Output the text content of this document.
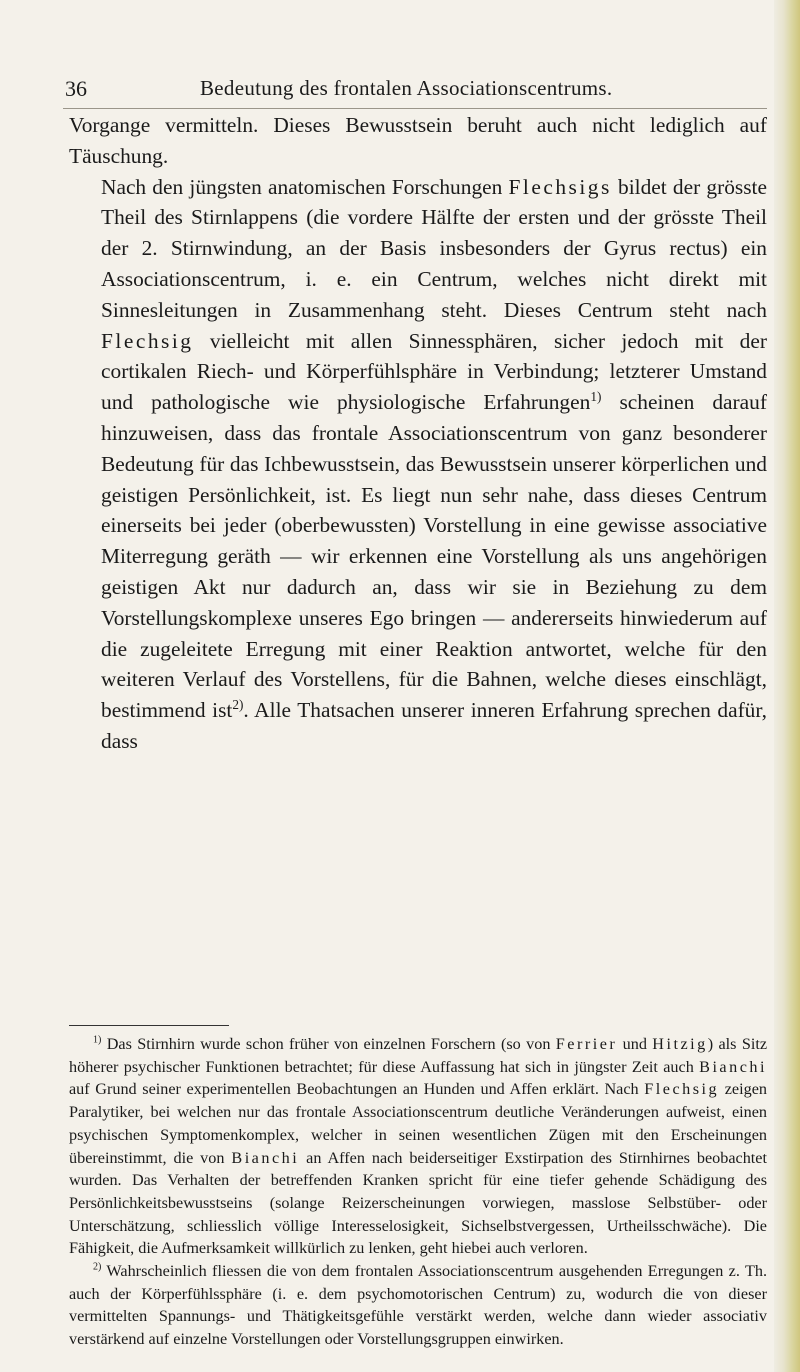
36	Bedeutung des frontalen Associationscentrums.
Vorgange vermitteln. Dieses Bewusstsein beruht auch nicht lediglich auf Täuschung.
Nach den jüngsten anatomischen Forschungen Flechsigs bildet der grösste Theil des Stirnlappens (die vordere Hälfte der ersten und der grösste Theil der 2. Stirnwindung, an der Basis insbesonders der Gyrus rectus) ein Associationscentrum, i. e. ein Centrum, welches nicht direkt mit Sinnesleitungen in Zusammenhang steht. Dieses Centrum steht nach Flechsig vielleicht mit allen Sinnessphären, sicher jedoch mit der cortikalen Riech- und Körperfühlsphäre in Verbindung; letzterer Umstand und pathologische wie physiologische Erfahrungen$^{1)}$ scheinen darauf hinzuweisen, dass das frontale Associationscentrum von ganz besonderer Bedeutung für das Ichbewusstsein, das Bewusstsein unserer körperlichen und geistigen Persönlichkeit, ist. Es liegt nun sehr nahe, dass dieses Centrum einerseits bei jeder (oberbewussten) Vorstellung in eine gewisse associative Miterregung geräth — wir erkennen eine Vorstellung als uns angehörigen geistigen Akt nur dadurch an, dass wir sie in Beziehung zu dem Vorstellungskomplexe unseres Ego bringen — andererseits hinwiederum auf die zugeleitete Erregung mit einer Reaktion antwortet, welche für den weiteren Verlauf des Vorstellens, für die Bahnen, welche dieses einschlägt, bestimmend ist$^{2)}$. Alle Thatsachen unserer inneren Erfahrung sprechen dafür, dass

$^{1)}$ Das Stirnhirn wurde schon früher von einzelnen Forschern (so von Ferrier und Hitzig) als Sitz höherer psychischer Funktionen betrachtet; für diese Auffassung hat sich in jüngster Zeit auch Bianchi auf Grund seiner experimentellen Beobachtungen an Hunden und Affen erklärt. Nach Flechsig zeigen Paralytiker, bei welchen nur das frontale Associationscentrum deutliche Veränderungen aufweist, einen psychischen Symptomenkomplex, welcher in seinen wesentlichen Zügen mit den Erscheinungen übereinstimmt, die von Bianchi an Affen nach beiderseitiger Exstirpation des Stirnhirnes beobachtet wurden. Das Verhalten der betreffenden Kranken spricht für eine tiefer gehende Schädigung des Persönlichkeitsbewusstseins (solange Reizerscheinungen vorwiegen, masslose Selbstüber- oder Unterschätzung, schliesslich völlige Interesselosigkeit, Sichselbstvergessen, Urtheilsschwäche). Die Fähigkeit, die Aufmerksamkeit willkürlich zu lenken, geht hiebei auch verloren.

$^{2)}$ Wahrscheinlich fliessen die von dem frontalen Associationscentrum ausgehenden Erregungen z. Th. auch der Körperfühlssphäre (i. e. dem psychomotorischen Centrum) zu, wodurch die von dieser vermittelten Spannungs- und Thätigkeitsgefühle verstärkt werden, welche dann wieder associativ verstärkend auf einzelne Vorstellungen oder Vorstellungsgruppen einwirken.
